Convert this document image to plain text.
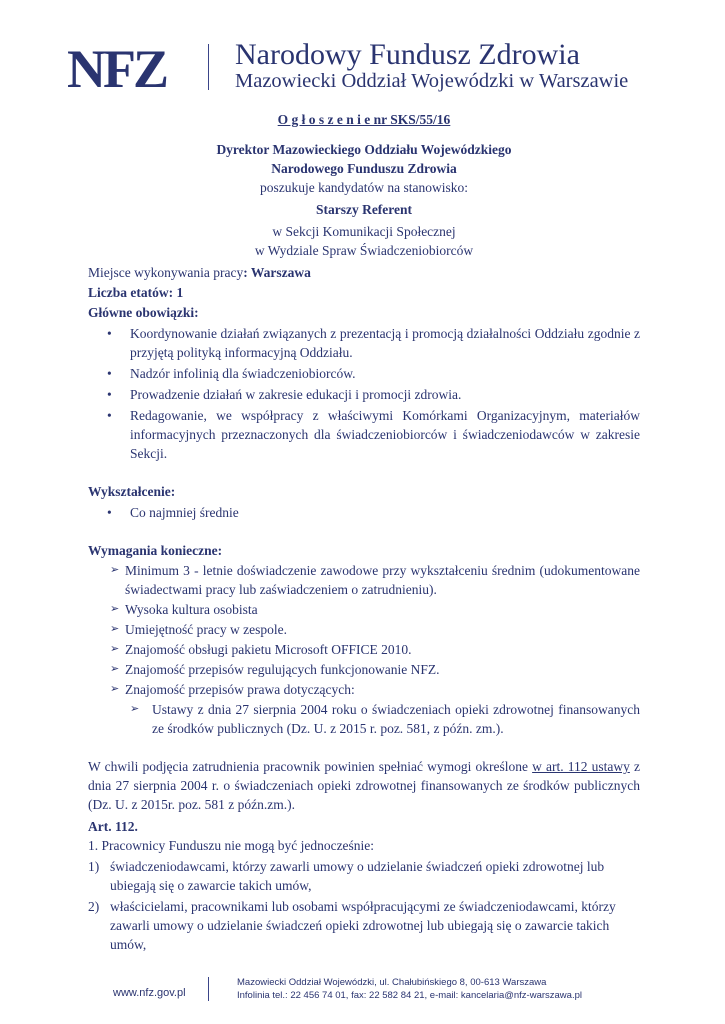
NFZ Narodowy Fundusz Zdrowia
Mazowiecki Oddział Wojewódzki w Warszawie

O g ł o s z e n i e nr SKS/55/16

Dyrektor Mazowieckiego Oddziału Wojewódzkiego

Narodowego Funduszu Zdrowia

poszukuje kandydatów na stanowisko:

Starszy Referent

w Sekcji Komunikacji Społecznej

w Wydziale Spraw Świadczeniobiorców

Miejsce wykonywania pracy: Warszawa

Liczba etatów: 1

Główne obowiązki:

• Koordynowanie działań związanych z prezentacją i promocją działalności Oddziału zgodnie z przyjętą polityką informacyjną Oddziału.
• Nadzór infolinią dla świadczeniobiorców.
• Prowadzenie działań w zakresie edukacji i promocji zdrowia.
• Redagowanie, we współpracy z właściwymi Komórkami Organizacyjnym, materiałów informacyjnych przeznaczonych dla świadczeniobiorców i świadczeniodawców w zakresie Sekcji.

Wykształcenie:

• Co najmniej średnie

Wymagania konieczne:

➢ Minimum 3 - letnie doświadczenie zawodowe przy wykształceniu średnim (udokumentowane świadectwami pracy lub zaświadczeniem o zatrudnieniu).
➢ Wysoka kultura osobista
➢ Umiejętność pracy w zespole.
➢ Znajomość obsługi pakietu Microsoft OFFICE 2010.
➢ Znajomość przepisów regulujących funkcjonowanie NFZ.
➢ Znajomość przepisów prawa dotyczących:
➢ Ustawy z dnia 27 sierpnia 2004 roku o świadczeniach opieki zdrowotnej finansowanych ze środków publicznych (Dz. U. z 2015 r. poz. 581, z późn. zm.).

W chwili podjęcia zatrudnienia pracownik powinien spełniać wymogi określone w art. 112 ustawy z dnia 27 sierpnia 2004 r. o świadczeniach opieki zdrowotnej finansowanych ze środków publicznych (Dz. U. z 2015r. poz. 581 z późn.zm.).

Art. 112.

1. Pracownicy Funduszu nie mogą być jednocześnie:

1) świadczeniodawcami, którzy zawarli umowy o udzielanie świadczeń opieki zdrowotnej lub ubiegają się o zawarcie takich umów,
2) właścicielami, pracownikami lub osobami współpracującymi ze świadczeniodawcami, którzy zawarli umowy o udzielanie świadczeń opieki zdrowotnej lub ubiegają się o zawarcie takich umów,
www.nfz.gov.pl
Mazowiecki Oddział Wojewódzki, ul. Chałubińskiego 8, 00-613 Warszawa
Infolinia tel.: 22 456 74 01, fax: 22 582 84 21, e-mail: kancelaria@nfz-warszawa.pl
